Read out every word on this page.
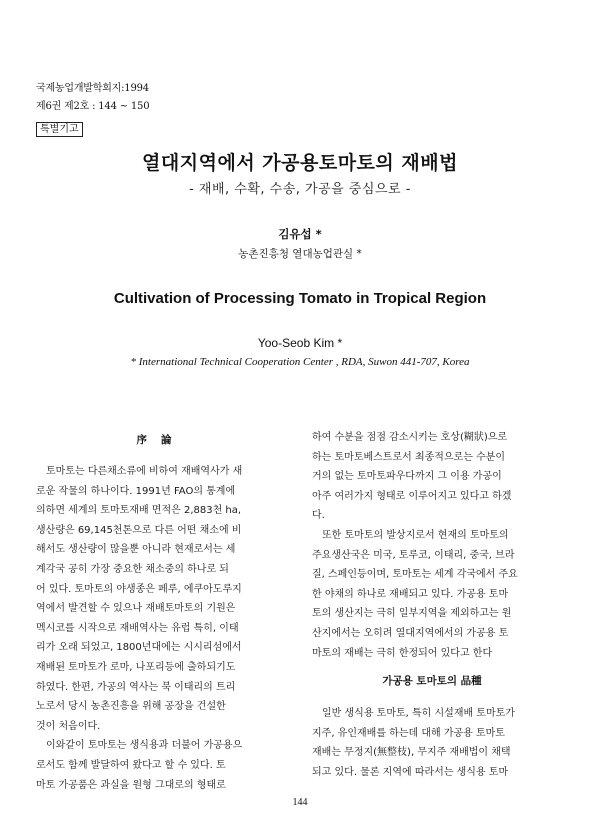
국제농업개발학회지:1994
제6권 제2호 : 144 ~ 150
특별기고
열대지역에서 가공용토마토의 재배법
- 재배, 수확, 수송, 가공을 중심으로 -
김유섭 *
농촌진흥청 열대농업관실 *
Cultivation of Processing Tomato in Tropical Region
Yoo-Seob Kim *
* International Technical Cooperation Center , RDA, Suwon 441-707, Korea
序論
토마토는 다른채소류에 비하여 재배역사가 새
로운 작물의 하나이다. 1991년 FAO의 통계에
의하면 세계의 토마토재배 면적은 2,883천 ha,
생산량은 69,145천톤으로 다른 어떤 채소에 비
해서도 생산량이 많을뿐 아니라 현재로서는 세
계각국 공히 가장 중요한 채소중의 하나로 되
어 있다. 토마토의 야생종은 페루, 에쿠아도루지
역에서 발견할 수 있으나 재배토마토의 기원은
멕시코를 시작으로 재배역사는 유럽 특히, 이태
리가 오래 되었고, 1800년대에는 시시리섬에서
재배된 토마토가 로마, 나포리등에 출하되기도
하였다. 한편, 가공의 역사는 북 이태리의 트리
노로서 당시 농촌진흥을 위해 공장을 건설한
것이 처음이다.
이와같이 토마토는 생식용과 더불어 가공용으
로서도 함께 발달하여 왔다고 할 수 있다. 토
마토 가공품은 과실을 원형 그대로의 형태로
하여 수분을 점점 감소시키는 호상(糊狀)으로
하는 토마토베스트로서 최종적으로는 수분이
거의 없는 토마토파우다까지 그 이용 가공이
아주 여러가지 형태로 이루어지고 있다고 하겠
다.
또한 토마토의 발상지로서 현재의 토마토의
주요생산국은 미국, 토루코, 이태리, 중국, 브라
질, 스페인등이며, 토마토는 세계 각국에서 주요
한 야채의 하나로 재배되고 있다. 가공용 토마
토의 생산지는 극히 일부지역을 제외하고는 원
산지에서는 오히려 열대지역에서의 가공용 토
마토의 재배는 극히 한정되어 있다고 한다
가공용 토마토의 品種
일반 생식용 토마토, 특히 시설재배 토마토가
지주, 유인재배를 하는데 대해 가공용 토마토
재배는 무정지(無整枝), 무지주 재배법이 채택
되고 있다. 물론 지역에 따라서는 생식용 토마
144
